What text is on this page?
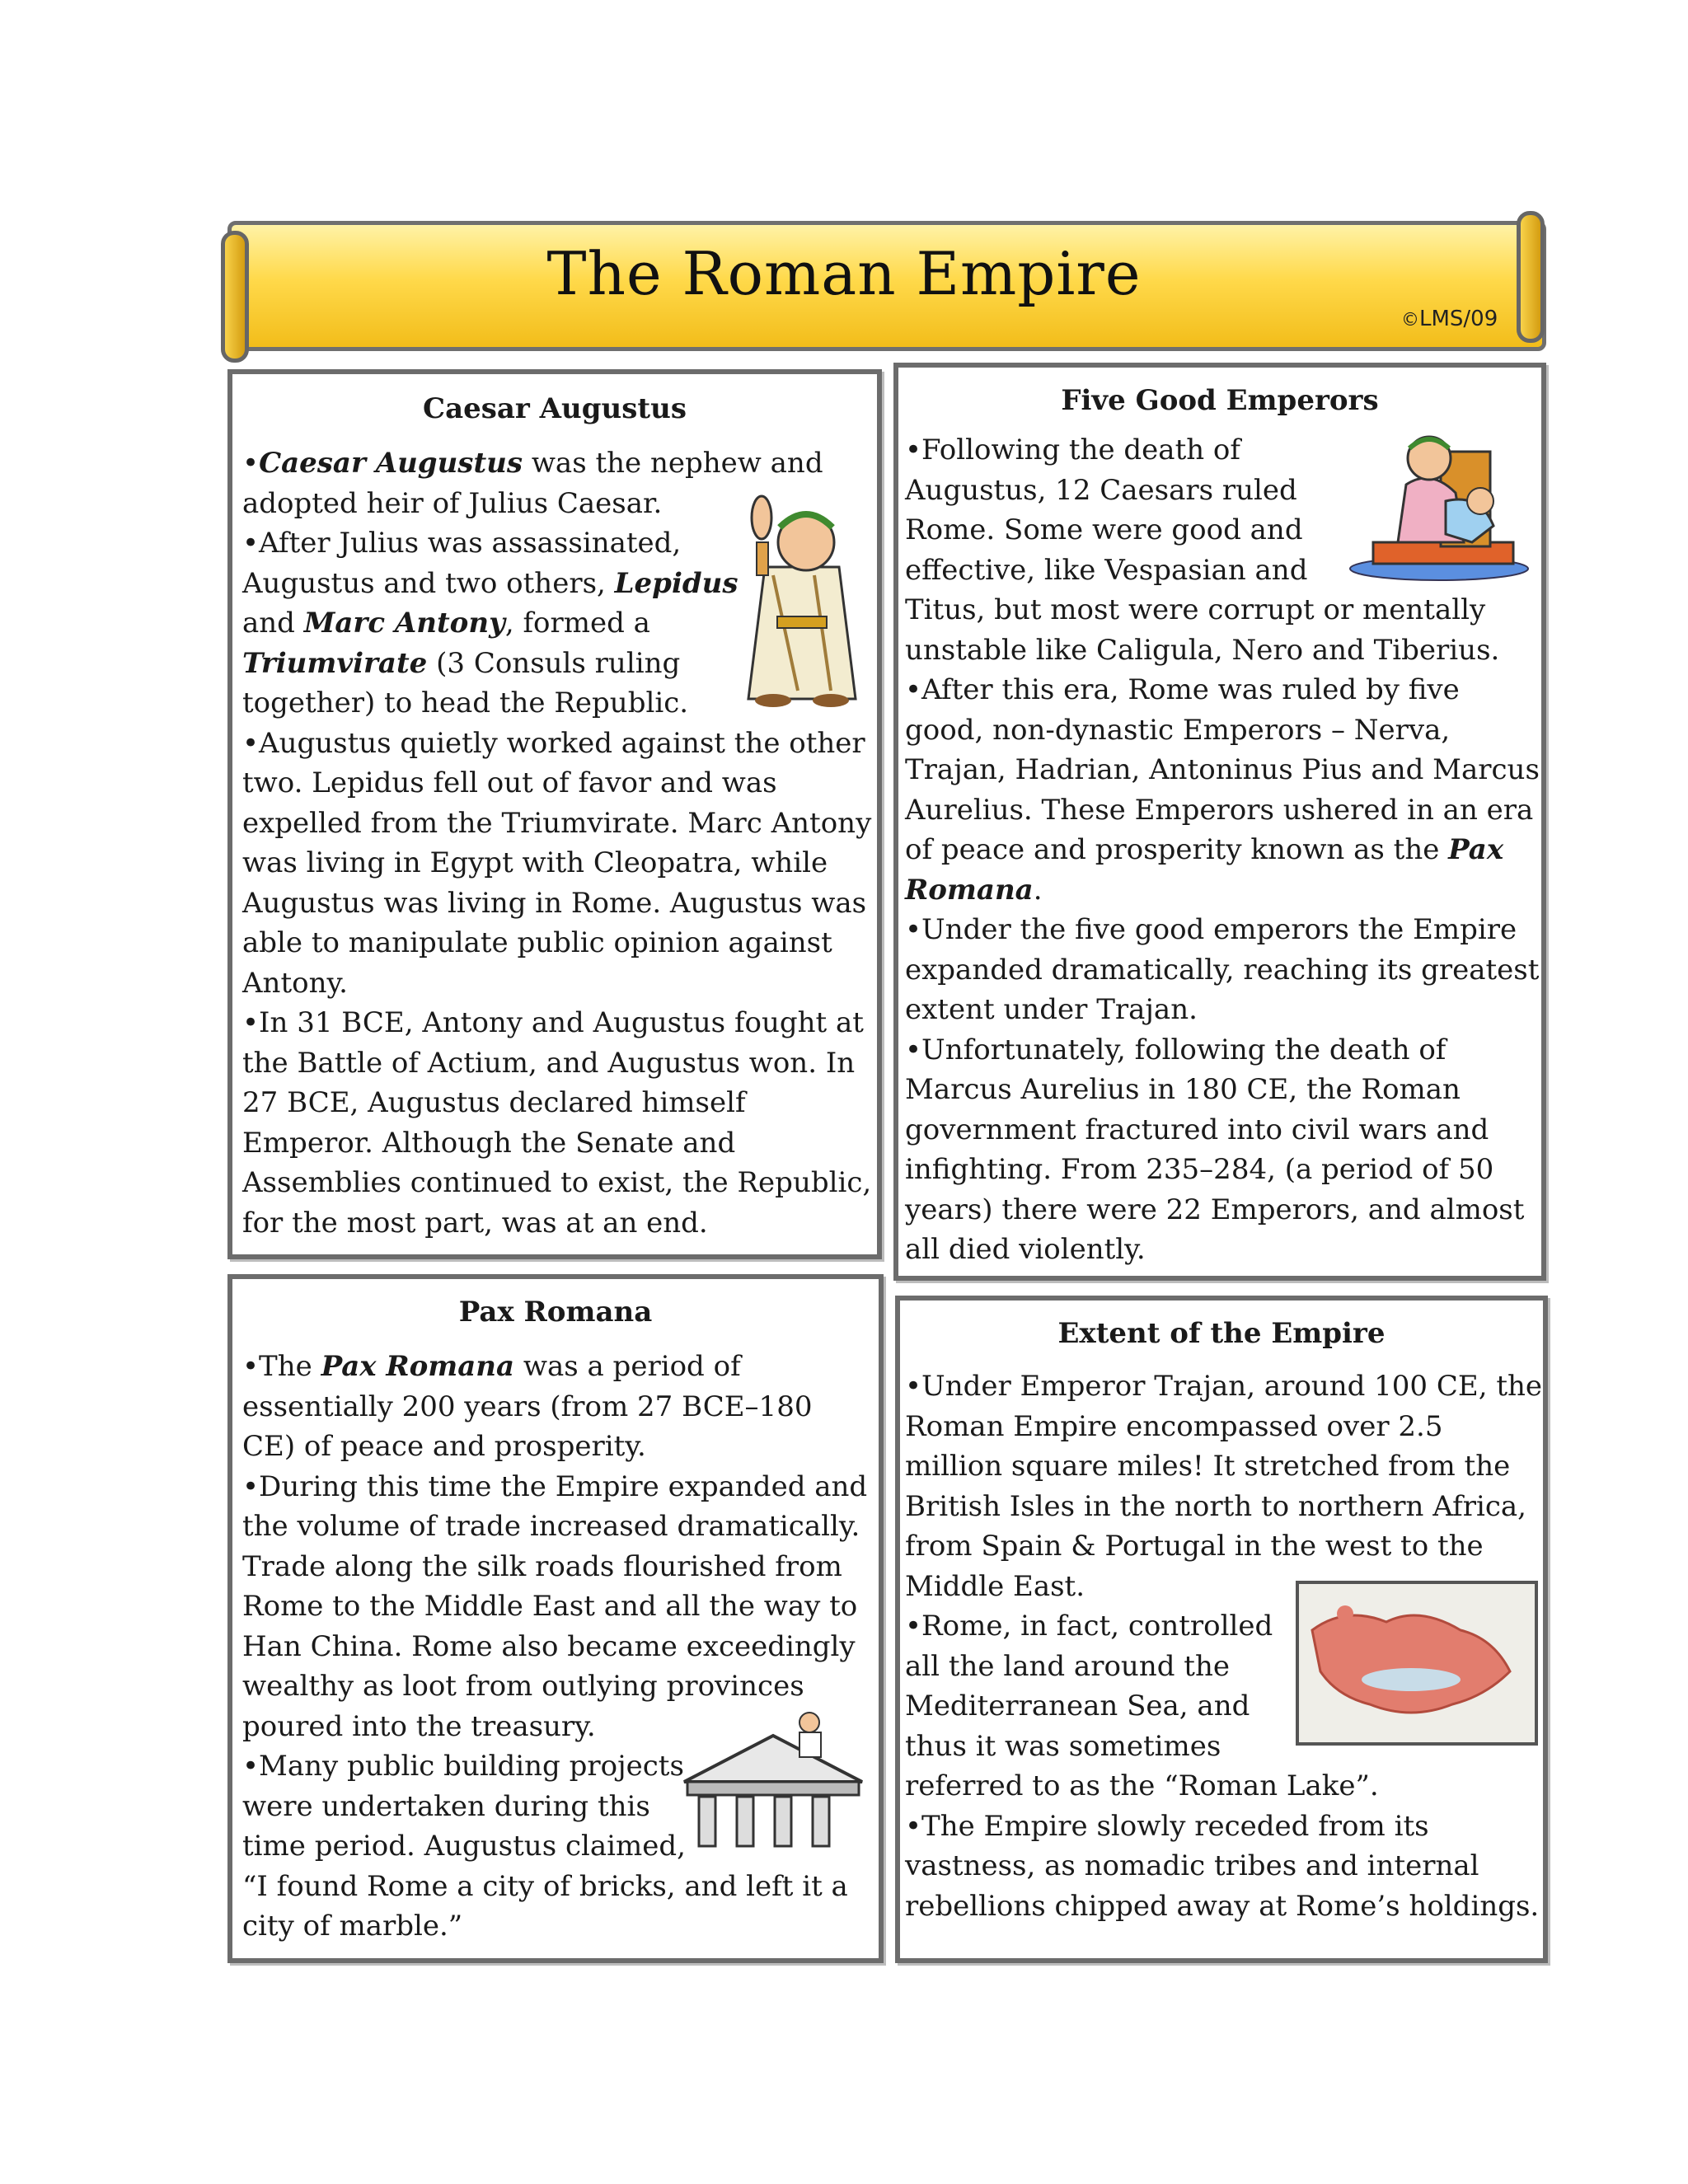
The Roman Empire
©LMS/09
Caesar Augustus
•Caesar Augustus was the nephew and
adopted heir of Julius Caesar.
•After Julius was assassinated,
Augustus and two others, Lepidus
and Marc Antony, formed a
Triumvirate (3 Consuls ruling
together) to head the Republic.
•Augustus quietly worked against the other
two. Lepidus fell out of favor and was
expelled from the Triumvirate. Marc Antony
was living in Egypt with Cleopatra, while
Augustus was living in Rome. Augustus was
able to manipulate public opinion against
Antony.
•In 31 BCE, Antony and Augustus fought at
the Battle of Actium, and Augustus won. In
27 BCE, Augustus declared himself
Emperor. Although the Senate and
Assemblies continued to exist, the Republic,
for the most part, was at an end.
Five Good Emperors
•Following the death of
Augustus, 12 Caesars ruled
Rome. Some were good and
effective, like Vespasian and
Titus, but most were corrupt or mentally
unstable like Caligula, Nero and Tiberius.
•After this era, Rome was ruled by five
good, non-dynastic Emperors – Nerva,
Trajan, Hadrian, Antoninus Pius and Marcus
Aurelius. These Emperors ushered in an era
of peace and prosperity known as the Pax
Romana.
•Under the five good emperors the Empire
expanded dramatically, reaching its greatest
extent under Trajan.
•Unfortunately, following the death of
Marcus Aurelius in 180 CE, the Roman
government fractured into civil wars and
infighting. From 235–284, (a period of 50
years) there were 22 Emperors, and almost
all died violently.
Pax Romana
•The Pax Romana was a period of
essentially 200 years (from 27 BCE–180
CE) of peace and prosperity.
•During this time the Empire expanded and
the volume of trade increased dramatically.
Trade along the silk roads flourished from
Rome to the Middle East and all the way to
Han China. Rome also became exceedingly
wealthy as loot from outlying provinces
poured into the treasury.
•Many public building projects
were undertaken during this
time period. Augustus claimed,
“I found Rome a city of bricks, and left it a
city of marble.”
Extent of the Empire
•Under Emperor Trajan, around 100 CE, the
Roman Empire encompassed over 2.5
million square miles! It stretched from the
British Isles in the north to northern Africa,
from Spain & Portugal in the west to the
Middle East.
•Rome, in fact, controlled
all the land around the
Mediterranean Sea, and
thus it was sometimes
referred to as the “Roman Lake”.
•The Empire slowly receded from its
vastness, as nomadic tribes and internal
rebellions chipped away at Rome’s holdings.
